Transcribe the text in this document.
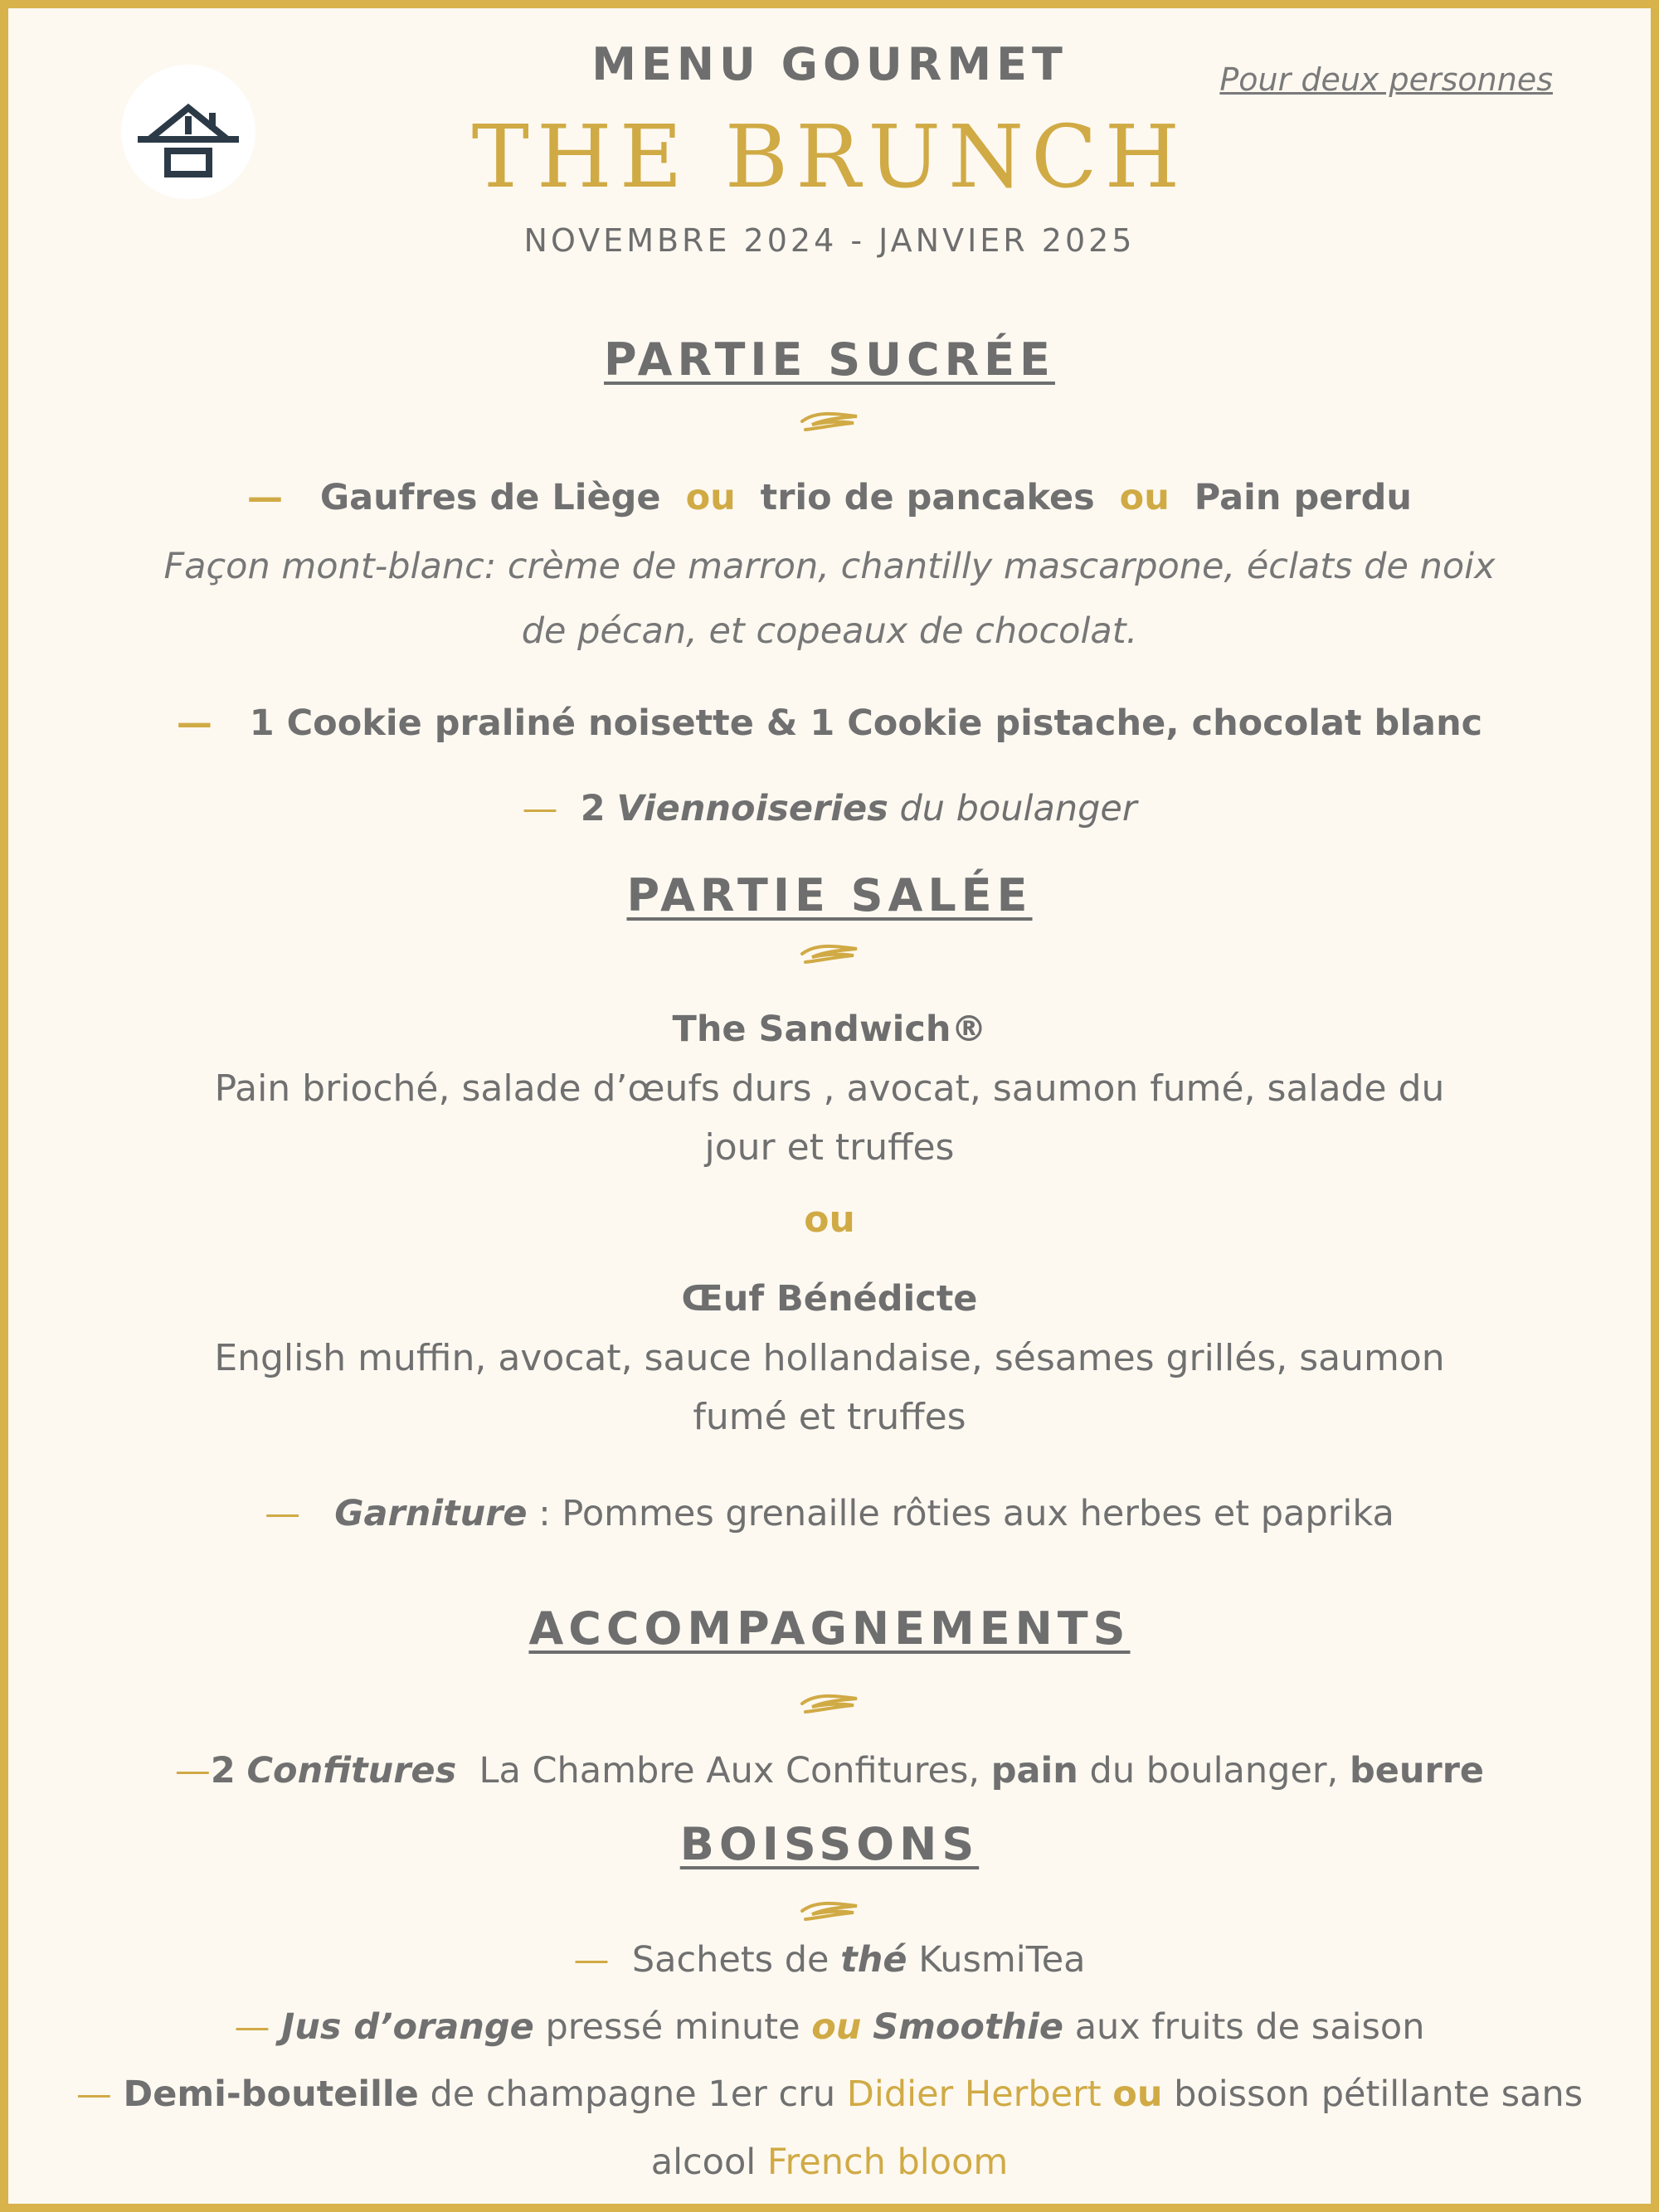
Pour deux personnes
MENU GOURMET
THE BRUNCH
NOVEMBRE 2024 - JANVIER 2025
PARTIE SUCRÉE
— Gaufres de Liège ou trio de pancakes ou Pain perdu
Façon mont-blanc: crème de marron, chantilly mascarpone, éclats de noix
de pécan, et copeaux de chocolat.
— 1 Cookie praliné noisette & 1 Cookie pistache, chocolat blanc
— 2 Viennoiseries du boulanger
PARTIE SALÉE
The Sandwich®
Pain brioché, salade d’œufs durs , avocat, saumon fumé, salade du
jour et truffes
ou
Œuf Bénédicte
English muffin, avocat, sauce hollandaise, sésames grillés, saumon
fumé et truffes
— Garniture : Pommes grenaille rôties aux herbes et paprika
ACCOMPAGNEMENTS
—2 Confitures La Chambre Aux Confitures, pain du boulanger, beurre
BOISSONS
— Sachets de thé KusmiTea
— Jus d’orange pressé minute ou Smoothie aux fruits de saison
— Demi-bouteille de champagne 1er cru Didier Herbert ou boisson pétillante sans
alcool French bloom
